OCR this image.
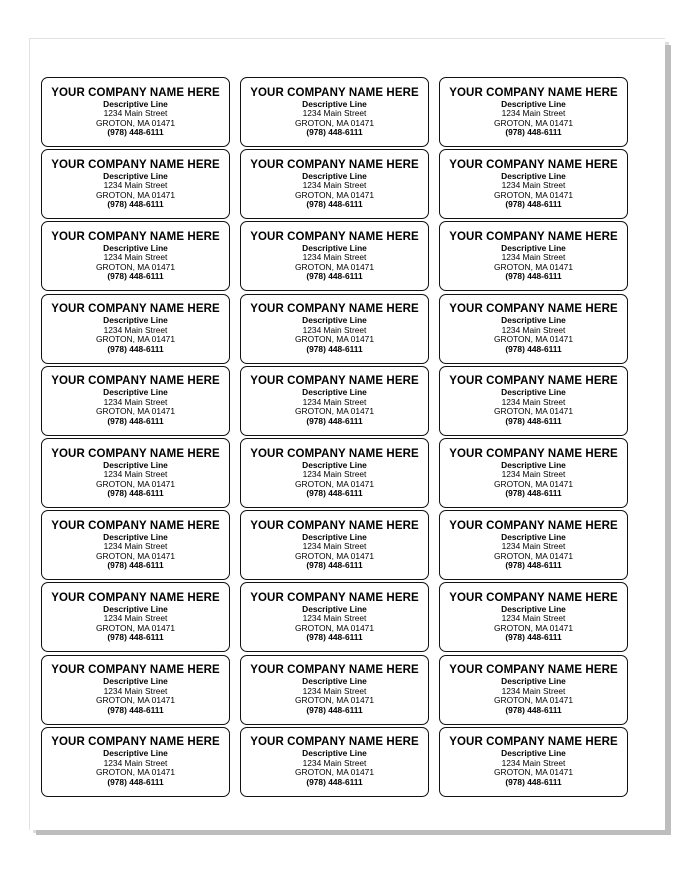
YOUR COMPANY NAME HERE
Descriptive Line
1234 Main Street
GROTON, MA 01471
(978) 448-6111
YOUR COMPANY NAME HERE
Descriptive Line
1234 Main Street
GROTON, MA 01471
(978) 448-6111
YOUR COMPANY NAME HERE
Descriptive Line
1234 Main Street
GROTON, MA 01471
(978) 448-6111
YOUR COMPANY NAME HERE
Descriptive Line
1234 Main Street
GROTON, MA 01471
(978) 448-6111
YOUR COMPANY NAME HERE
Descriptive Line
1234 Main Street
GROTON, MA 01471
(978) 448-6111
YOUR COMPANY NAME HERE
Descriptive Line
1234 Main Street
GROTON, MA 01471
(978) 448-6111
YOUR COMPANY NAME HERE
Descriptive Line
1234 Main Street
GROTON, MA 01471
(978) 448-6111
YOUR COMPANY NAME HERE
Descriptive Line
1234 Main Street
GROTON, MA 01471
(978) 448-6111
YOUR COMPANY NAME HERE
Descriptive Line
1234 Main Street
GROTON, MA 01471
(978) 448-6111
YOUR COMPANY NAME HERE
Descriptive Line
1234 Main Street
GROTON, MA 01471
(978) 448-6111
YOUR COMPANY NAME HERE
Descriptive Line
1234 Main Street
GROTON, MA 01471
(978) 448-6111
YOUR COMPANY NAME HERE
Descriptive Line
1234 Main Street
GROTON, MA 01471
(978) 448-6111
YOUR COMPANY NAME HERE
Descriptive Line
1234 Main Street
GROTON, MA 01471
(978) 448-6111
YOUR COMPANY NAME HERE
Descriptive Line
1234 Main Street
GROTON, MA 01471
(978) 448-6111
YOUR COMPANY NAME HERE
Descriptive Line
1234 Main Street
GROTON, MA 01471
(978) 448-6111
YOUR COMPANY NAME HERE
Descriptive Line
1234 Main Street
GROTON, MA 01471
(978) 448-6111
YOUR COMPANY NAME HERE
Descriptive Line
1234 Main Street
GROTON, MA 01471
(978) 448-6111
YOUR COMPANY NAME HERE
Descriptive Line
1234 Main Street
GROTON, MA 01471
(978) 448-6111
YOUR COMPANY NAME HERE
Descriptive Line
1234 Main Street
GROTON, MA 01471
(978) 448-6111
YOUR COMPANY NAME HERE
Descriptive Line
1234 Main Street
GROTON, MA 01471
(978) 448-6111
YOUR COMPANY NAME HERE
Descriptive Line
1234 Main Street
GROTON, MA 01471
(978) 448-6111
YOUR COMPANY NAME HERE
Descriptive Line
1234 Main Street
GROTON, MA 01471
(978) 448-6111
YOUR COMPANY NAME HERE
Descriptive Line
1234 Main Street
GROTON, MA 01471
(978) 448-6111
YOUR COMPANY NAME HERE
Descriptive Line
1234 Main Street
GROTON, MA 01471
(978) 448-6111
YOUR COMPANY NAME HERE
Descriptive Line
1234 Main Street
GROTON, MA 01471
(978) 448-6111
YOUR COMPANY NAME HERE
Descriptive Line
1234 Main Street
GROTON, MA 01471
(978) 448-6111
YOUR COMPANY NAME HERE
Descriptive Line
1234 Main Street
GROTON, MA 01471
(978) 448-6111
YOUR COMPANY NAME HERE
Descriptive Line
1234 Main Street
GROTON, MA 01471
(978) 448-6111
YOUR COMPANY NAME HERE
Descriptive Line
1234 Main Street
GROTON, MA 01471
(978) 448-6111
YOUR COMPANY NAME HERE
Descriptive Line
1234 Main Street
GROTON, MA 01471
(978) 448-6111
